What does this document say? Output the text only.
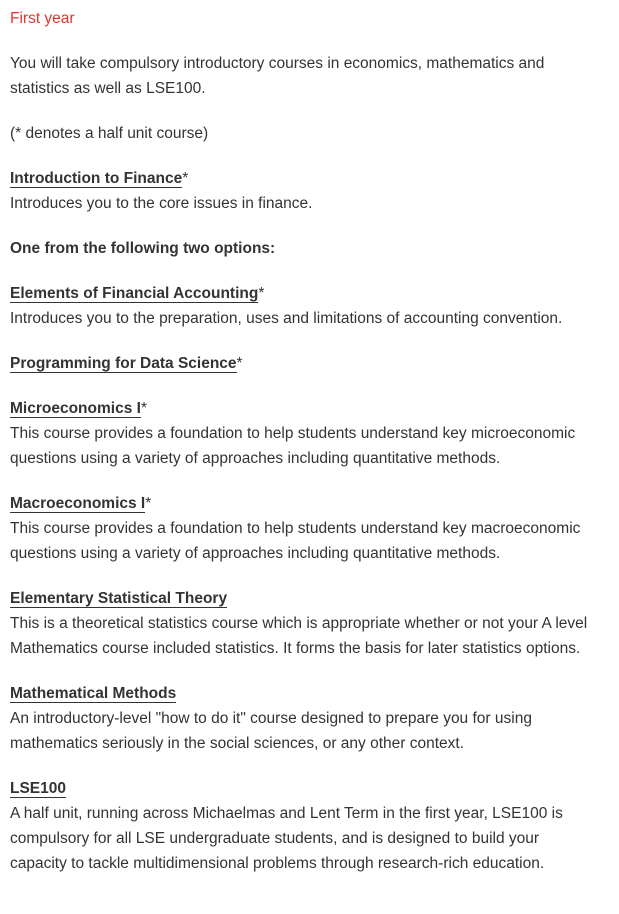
First year

You will take compulsory introductory courses in economics, mathematics and statistics as well as LSE100.

(* denotes a half unit course)

Introduction to Finance*

Introduces you to the core issues in finance.

One from the following two options:

Elements of Financial Accounting*

Introduces you to the preparation, uses and limitations of accounting convention.

Programming for Data Science*

Microeconomics I*

This course provides a foundation to help students understand key microeconomic questions using a variety of approaches including quantitative methods.

Macroeconomics I*

This course provides a foundation to help students understand key macroeconomic questions using a variety of approaches including quantitative methods.

Elementary Statistical Theory

This is a theoretical statistics course which is appropriate whether or not your A level Mathematics course included statistics. It forms the basis for later statistics options.

Mathematical Methods

An introductory-level "how to do it" course designed to prepare you for using mathematics seriously in the social sciences, or any other context.

LSE100

A half unit, running across Michaelmas and Lent Term in the first year, LSE100 is compulsory for all LSE undergraduate students, and is designed to build your capacity to tackle multidimensional problems through research-rich education.
